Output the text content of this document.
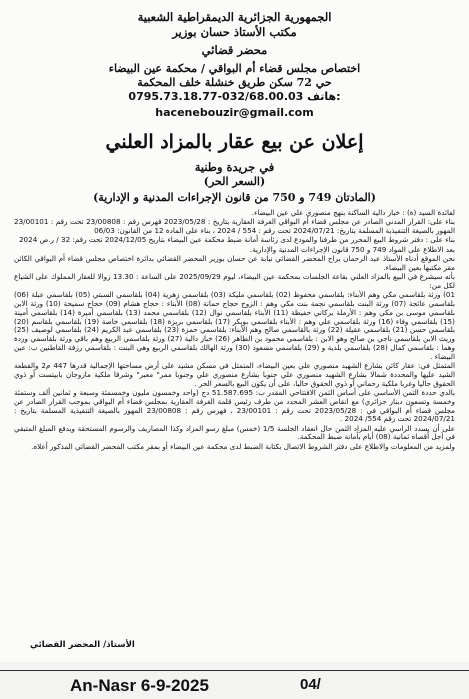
الجمهورية الجزائرية الديمقراطية الشعبية
مكتب الأستاذ حسان بوزير
محضر قضائي
اختصاص مجلس قضاء أم البواقي / محكمة عين البيضاء
حي 72 سكن طريق خنشلة خلف المحكمة
0795.73.18.77-032/68.00.03 هاتف:
hacenebouzir@gmail.com
إعلان عن بيع عقار بالمزاد العلني
في جريدة وطنية
(السعر الحر)
(المادتان 749 و 750 من قانون الإجراءات المدنية و الإدارية)

لفائدة السيد (ة) : خبار دالية الساكنة بنهج منصوري علي عين البيضاء.

بناء على: القرار المدني الصادر عن مجلس قضاء أم البواقي الغرفة العقارية بتاريخ : 2023/05/28 فهرس رقم : 23/00808 تحت رقم : 23/00101 المهور بالصيغة التنفيذية المسلمة بتاريخ: 2024/07/21 تحت رقم : 554 / 2024 ، بناء على المادة 12 من القانون: 06/03

بناء على : دفتر شروط البيع المحرر من طرفنا والمودع لدى رئاسة أمانة ضبط محكمة عين البيضاء بتاريخ 2024/12/05 تحت رقم: 32 / ر.ص 2024

بعد الاطلاع على المواد 749 و 750 قانون الإجراءات المدنية والإدارية.

نحن الموقع أدناه الأستاذ عبد الرحمان براح المحضر القضائي نيابة عن حسان بوزير المحضر القضائي بدائرة اختصاص مجلس قضاء أم البواقي الكائن مقر مكتبها بعين البيضاء.

بأنه سيشرع في البيع بالمزاد العلني بقاعة الجلسات بمحكمة عين البيضاء، ليوم 2025/09/29 على الساعة : 13.30 زوالا للعقار المملوك على الشياع لكل من:

01) ورثة بلقاسمي مكي وهم الأبناء: بلقاسمي محفوظ (02) بلقاسمي مليكة (03) بلقاسمي زهرية (04) بلقاسمي السبتي (05) بلقاسمي عبلة (06) بلقاسمي عائجة (07) ورثة البنت بلقاسمي نجمة بنت مكي وهم : الزوج حجاج حمانة (08) الأبناء : حجاج هشام (09) حجاج سميحة (10) ورثة الابن بلقاسمي موسى بن مكي وهم : الأرملة بركاني حفيظة (11) الأبناء بلقاسمي نوال (12) بلقاسمي محمد (13) بلقاسمي أميرة (14) بلقاسمي أمينة (15) بلقاسمي وفاء (16) ورثة بلقاسمي علي وهم : الأبناء بلقاسمي بوبكر (17) بلقاسمي بريزة (18) بلقاسمي خاصة (19) بلقاسمي بلقاسم (20) بلقاسمي حسن (21) بلقاسمي عقيلة (22) ورثة بالقاسمي صالح وهم الأبناء: بلقاسمي حمزة (23) بلقاسمي عبد الكريم (24) بلقاسمي لوصيف (25) وريث الابن بلقاسمي ناجي بن صالح وهو الابن : بلقاسمي محمود بن الطاهر (26) خبار دالية (27) ورثة بلقاسمي الربيع وهم باقي ورثة بلقاسمي وردة وهما : بلقاسمي كمال (28) بلقاسمي بلدية و (29) بلقاسمي مسعود (30) ورثة الهالك بلقاسمي الربيع وهي البنت : بلقاسمي رزقة القاطنين ب: عين البيضاء .

المتمثل في: عقار كائن بشارع الشهيد منصوري علي بعين البيضاء، المتمثل في مسكن مشيد على أرض مساحتها الإجمالية قدرها 447 م2 والقطعة الشيد عليها والمحددة شمالا بشارع الشهيد منصوري علي جنوبا بشارع منصوري علي وجنوبا ممر" معبر" وشرقا ملكية مازوجان بابيتست أو ذوي الحقوق حاليا وغربا ملكية رحماني أو ذوي الحقوق حاليا، على أن يكون البيع بالسعر الحر .

بالدي حددة الثمن الأساسي على أساس الثمن الافتتاحي المقدر ب: 51.587.695 دج (واحد وخمسون مليون وخمسمئة وسبعة و ثمانين ألف وستمئة وخمسة وتسعون دينار جزائري) مع انقاص العشر المحدد من طرف رئيس قلمة الغرفة العقارية بمجلس قضاء أم البواقي بموجب القرار الصادر عن مجلس قضاء أم البواقي في : 2023/05/28 تحت رقم : 23/00101 ، فهرس رقم : 23/00808 المهور بالصيغة التنفيذية المسلمة بتاريخ : 2024/07/21 تحت رقم 554/ 2024 .

على أن يسدد الراسي عليه المزاد الثمن حال انعقاد الجلسة 1/5 (خمس) مبلغ رسو المزاد وكذا المصاريف والرسوم المستحقة ويدفع المبلغ المتبقي في أجل أقصاه ثمانية (08) أيام بأمانة ضبط المحكمة.

ولمزيد من المعلومات والاطلاع على دفتر الشروط الاتصال بكتابة الضبط لدى محكمة عين البيضاء أو بمقر مكتب المحضر القضائي المذكور أعلاه.

الأستاذ/ المحضر القضائي
An-Nasr 6-9-2025	04/
